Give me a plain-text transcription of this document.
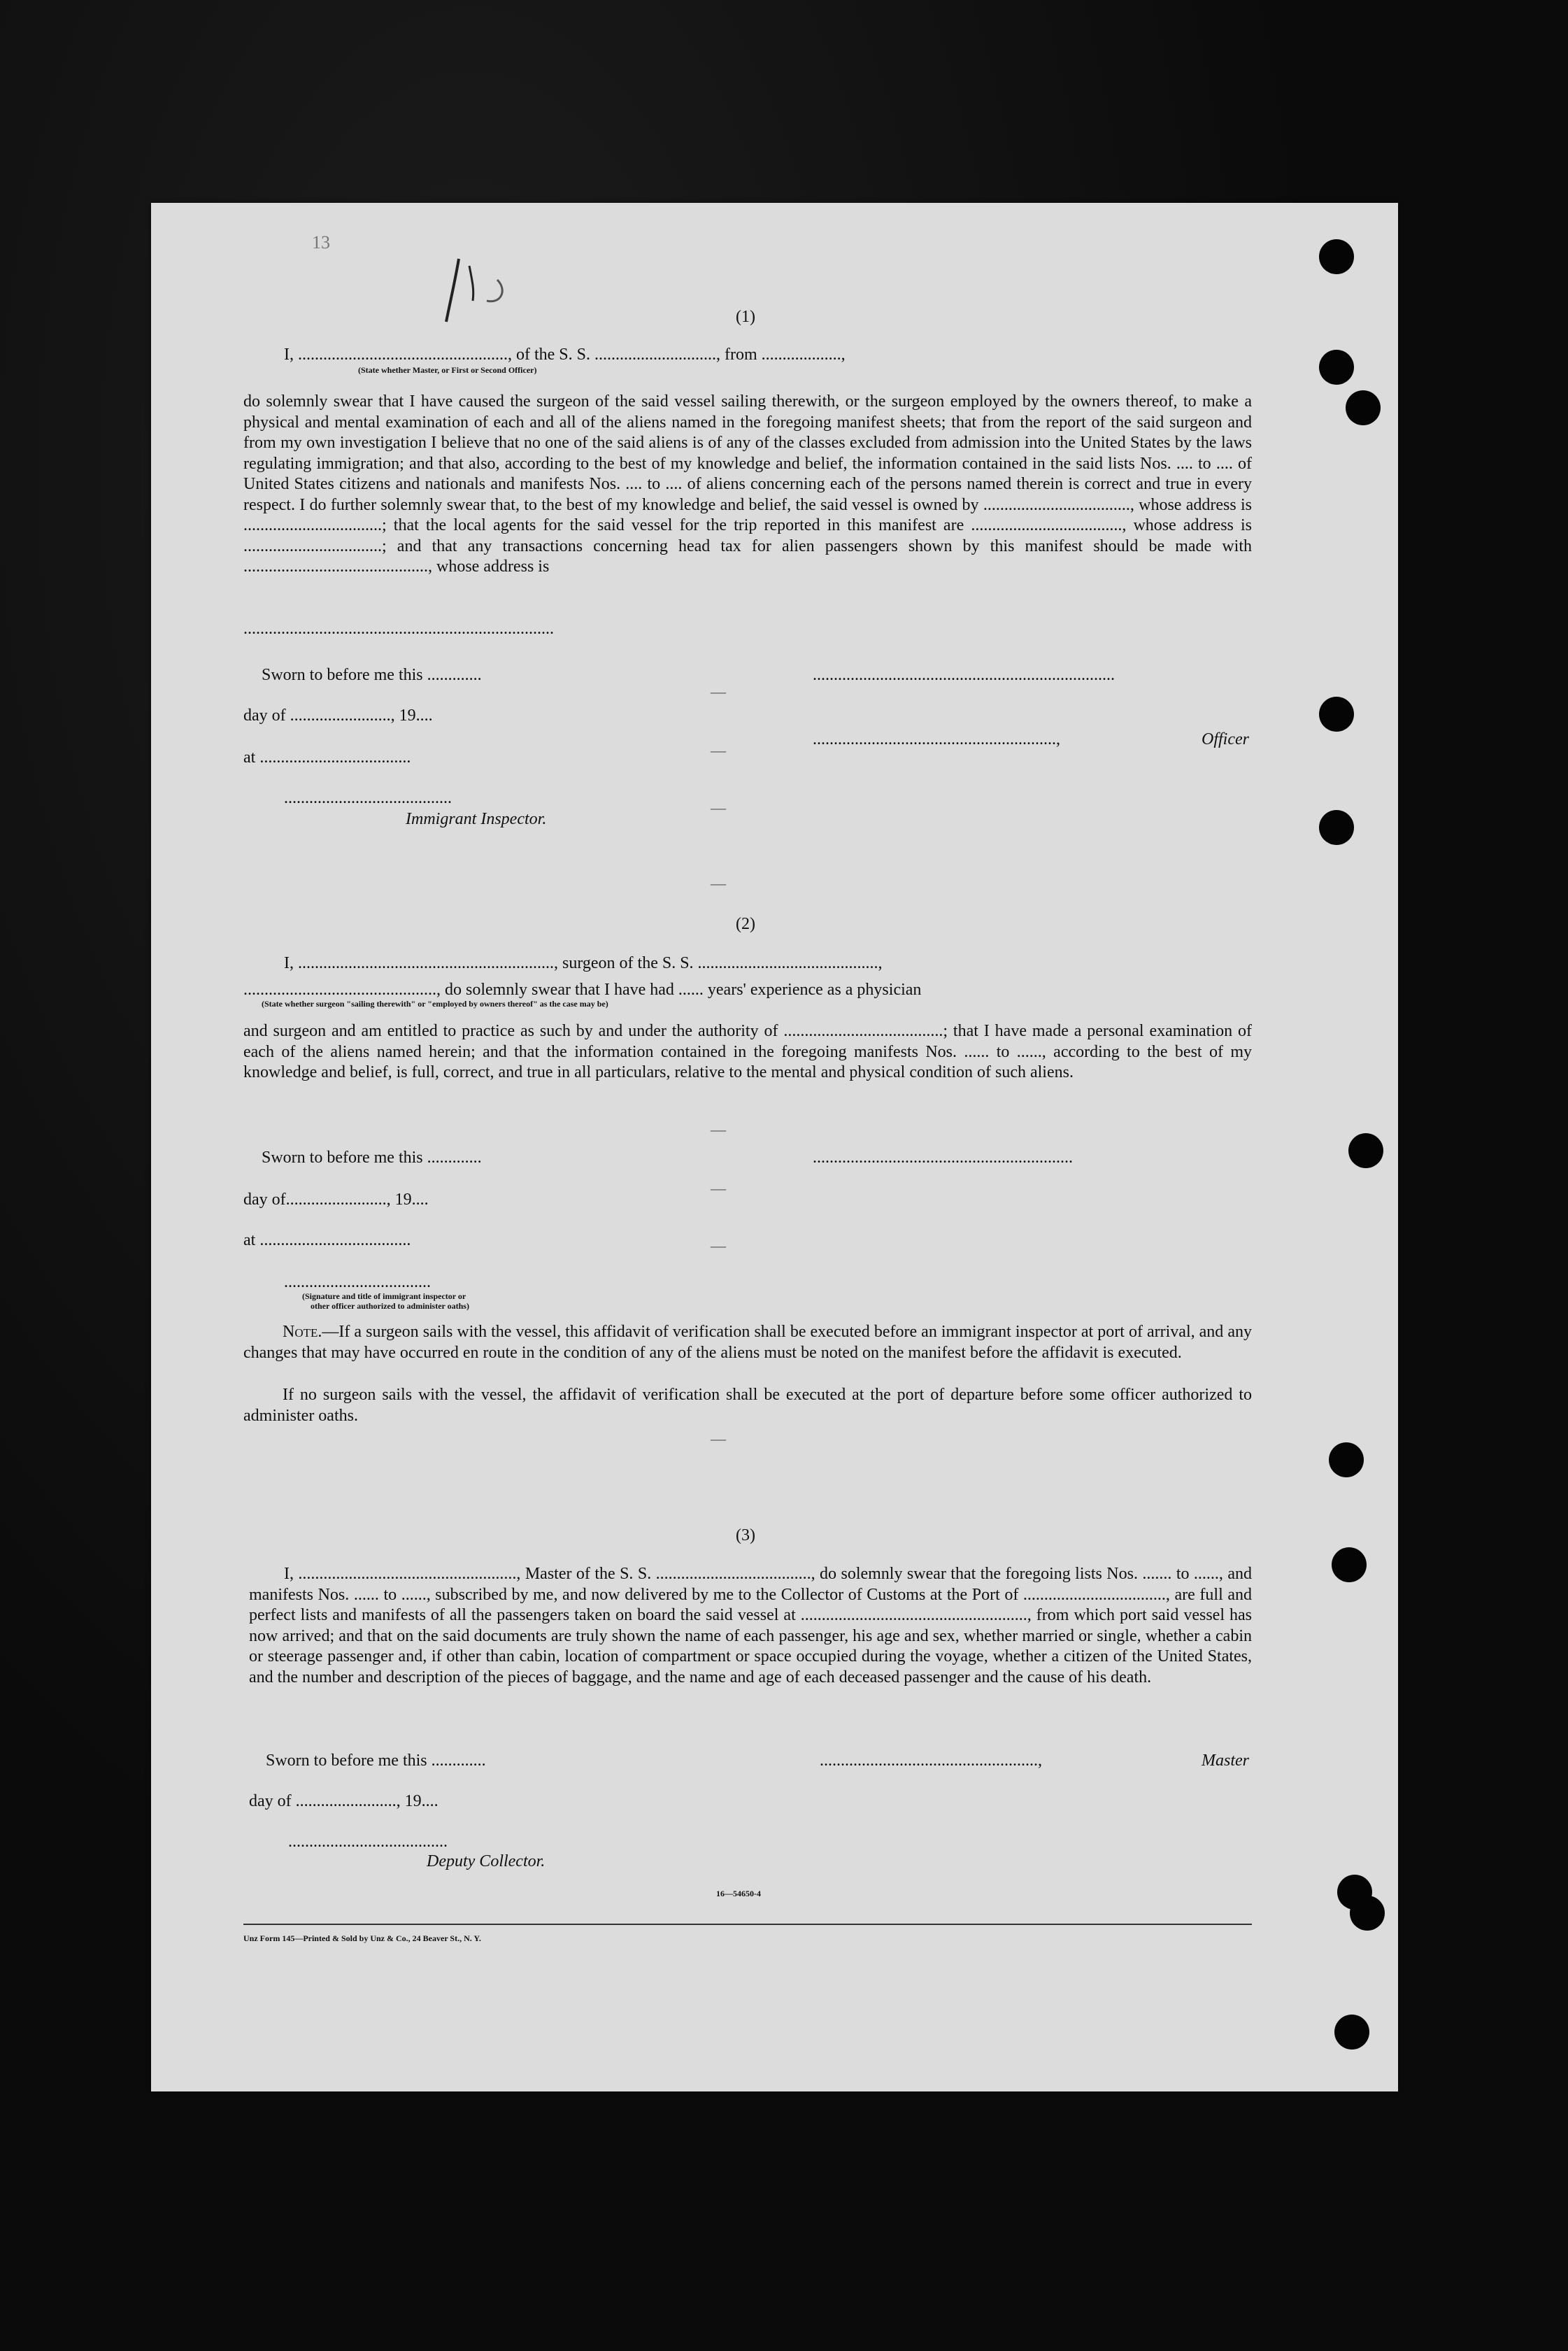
13
(1)
I, .................................................., of the S. S. ............................., from ...................,
(State whether Master, or First or Second Officer)
do solemnly swear that I have caused the surgeon of the said vessel sailing therewith, or the surgeon employed by the owners thereof, to make a physical and mental examination of each and all of the aliens named in the foregoing manifest sheets; that from the report of the said surgeon and from my own investigation I believe that no one of the said aliens is of any of the classes excluded from admission into the United States by the laws regulating immigration; and that also, according to the best of my knowledge and belief, the information contained in the said lists Nos. .... to .... of United States citizens and nationals and manifests Nos. .... to .... of aliens concerning each of the persons named therein is correct and true in every respect. I do further solemnly swear that, to the best of my knowledge and belief, the said vessel is owned by ..................................., whose address is .................................; that the local agents for the said vessel for the trip reported in this manifest are ...................................., whose address is .................................; and that any transactions concerning head tax for alien passengers shown by this manifest should be made with ............................................, whose address is
..........................................................................
Sworn to before me this .............	........................................................................
day of ........................, 19....
at ....................................
..........................................................,	Officer
........................................
Immigrant Inspector.
(2)
I, ............................................................., surgeon of the S. S. ...........................................,
.............................................., do solemnly swear that I have had ...... years' experience as a physician
(State whether surgeon "sailing therewith" or "employed by owners thereof" as the case may be)
and surgeon and am entitled to practice as such by and under the authority of ......................................; that I have made a personal examination of each of the aliens named herein; and that the information contained in the foregoing manifests Nos. ...... to ......, according to the best of my knowledge and belief, is full, correct, and true in all particulars, relative to the mental and physical condition of such aliens.
Sworn to before me this .............	..............................................................
day of........................, 19....
at ....................................
...................................
(Signature and title of immigrant inspector or
other officer authorized to administer oaths)
Note.—If a surgeon sails with the vessel, this affidavit of verification shall be executed before an immigrant inspector at port of arrival, and any changes that may have occurred en route in the condition of any of the aliens must be noted on the manifest before the affidavit is executed.
If no surgeon sails with the vessel, the affidavit of verification shall be executed at the port of departure before some officer authorized to administer oaths.
(3)
I, ...................................................., Master of the S. S. ....................................., do solemnly swear that the foregoing lists Nos. ....... to ......, and manifests Nos. ...... to ......, subscribed by me, and now delivered by me to the Collector of Customs at the Port of .................................., are full and perfect lists and manifests of all the passengers taken on board the said vessel at ......................................................, from which port said vessel has now arrived; and that on the said documents are truly shown the name of each passenger, his age and sex, whether married or single, whether a cabin or steerage passenger and, if other than cabin, location of compartment or space occupied during the voyage, whether a citizen of the United States, and the number and description of the pieces of baggage, and the name and age of each deceased passenger and the cause of his death.
Sworn to before me this .............	....................................................,	Master
day of ........................, 19....
......................................
Deputy Collector.
16—54650-4
Unz Form 145—Printed & Sold by Unz & Co., 24 Beaver St., N. Y.
—
—
—
—
—
—
—
—
